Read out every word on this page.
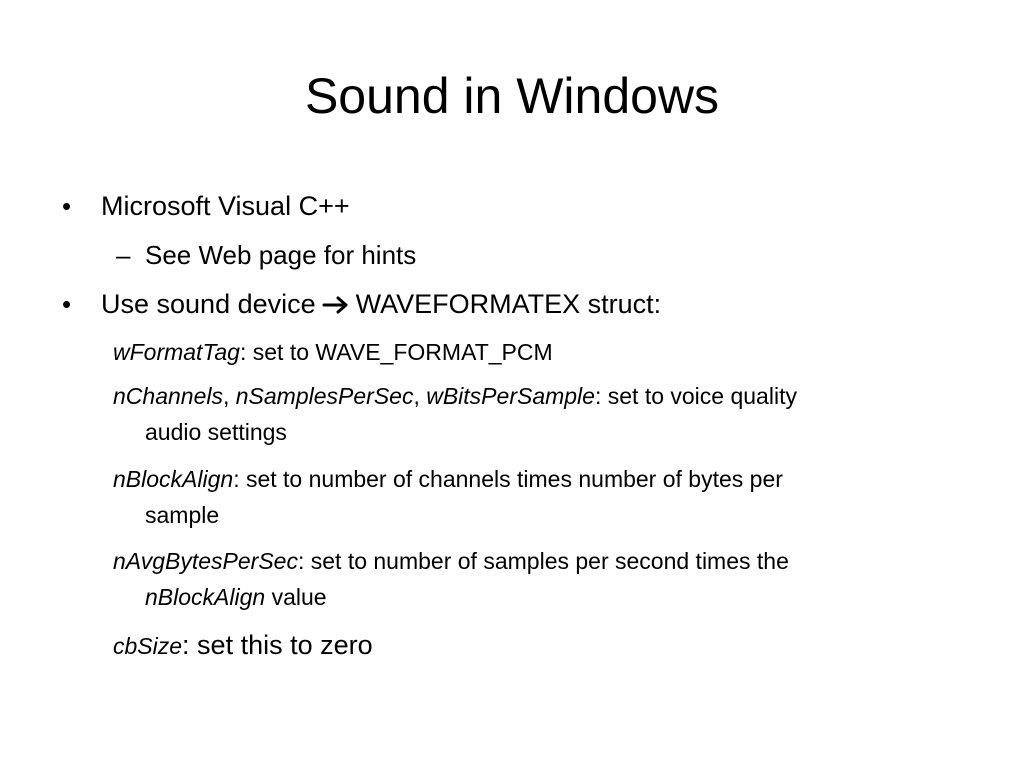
Sound in Windows
• Microsoft Visual C++
– See Web page for hints
• Use sound device WAVEFORMATEX struct:
wFormatTag: set to WAVE_FORMAT_PCM
nChannels, nSamplesPerSec, wBitsPerSample: set to voice quality
audio settings
nBlockAlign: set to number of channels times number of bytes per
sample
nAvgBytesPerSec: set to number of samples per second times the
nBlockAlign value
cbSize: set this to zero
